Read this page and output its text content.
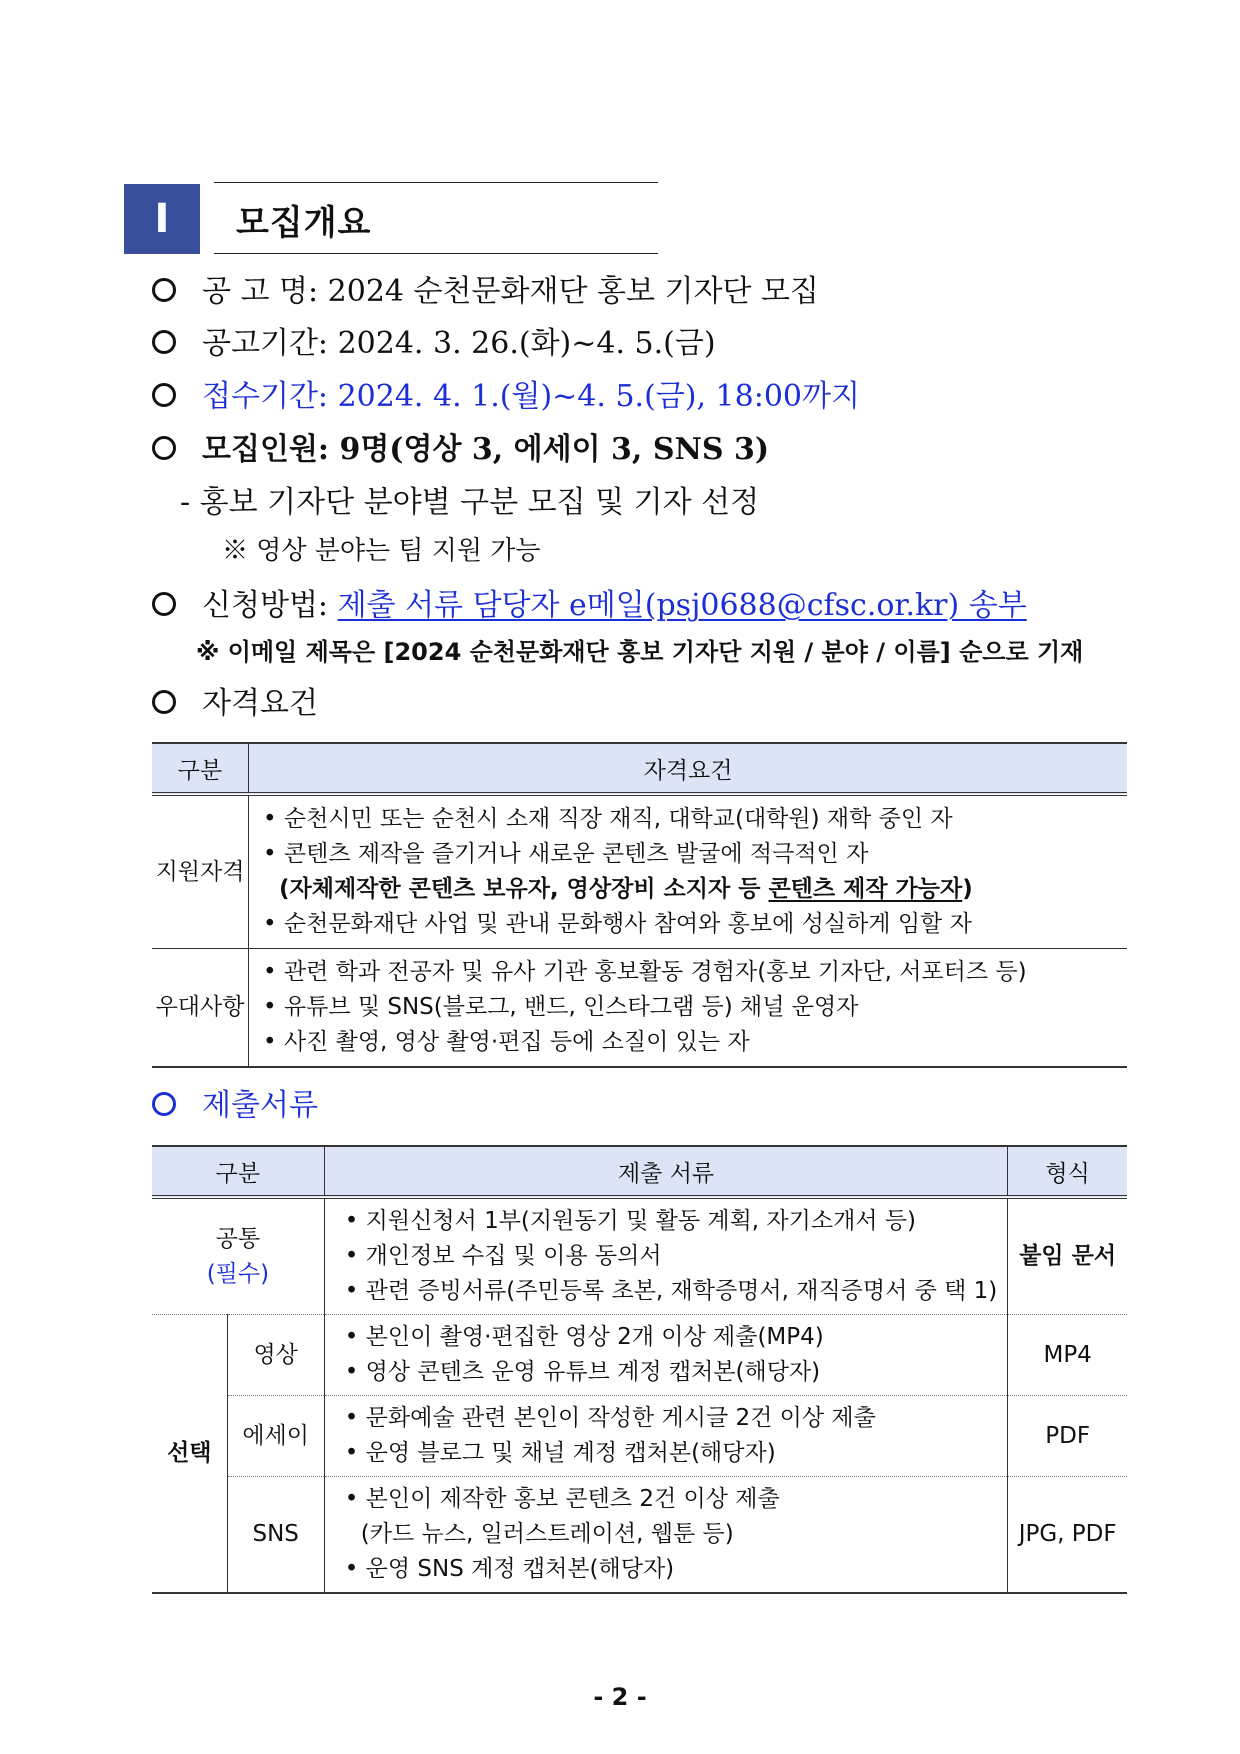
Ⅰ	모집개요
공 고 명: 2024 순천문화재단 홍보 기자단 모집
공고기간: 2024. 3. 26.(화)~4. 5.(금)
접수기간: 2024. 4. 1.(월)~4. 5.(금), 18:00까지
모집인원: 9명(영상 3, 에세이 3, SNS 3)
- 홍보 기자단 분야별 구분 모집 및 기자 선정
※ 영상 분야는 팀 지원 가능
신청방법: 제출 서류 담당자 e메일(psj0688@cfsc.or.kr) 송부
※ 이메일 제목은 [2024 순천문화재단 홍보 기자단 지원 / 분야 / 이름] 순으로 기재
자격요건
구분	자격요건
지원자격	• 순천시민 또는 순천시 소재 직장 재직, 대학교(대학원) 재학 중인 자
• 콘텐츠 제작을 즐기거나 새로운 콘텐츠 발굴에 적극적인 자
(자체제작한 콘텐츠 보유자, 영상장비 소지자 등 콘텐츠 제작 가능자)
• 순천문화재단 사업 및 관내 문화행사 참여와 홍보에 성실하게 임할 자

우대사항	• 관련 학과 전공자 및 유사 기관 홍보활동 경험자(홍보 기자단, 서포터즈 등)
• 유튜브 및 SNS(블로그, 밴드, 인스타그램 등) 채널 운영자
• 사진 촬영, 영상 촬영·편집 등에 소질이 있는 자
제출서류
구분		제출 서류	형식

공통
(필수)		• 지원신청서 1부(지원동기 및 활동 계획, 자기소개서 등)
• 개인정보 수집 및 이용 동의서
• 관련 증빙서류(주민등록 초본, 재학증명서, 재직증명서 중 택 1)	붙임 문서
선택	영상	• 본인이 촬영·편집한 영상 2개 이상 제출(MP4)
• 영상 콘텐츠 운영 유튜브 계정 캡처본(해당자)	MP4
	에세이	• 문화예술 관련 본인이 작성한 게시글 2건 이상 제출
• 운영 블로그 및 채널 계정 캡처본(해당자)	PDF
	SNS	• 본인이 제작한 홍보 콘텐츠 2건 이상 제출
(카드 뉴스, 일러스트레이션, 웹툰 등)
• 운영 SNS 계정 캡처본(해당자)	JPG, PDF
- 2 -
